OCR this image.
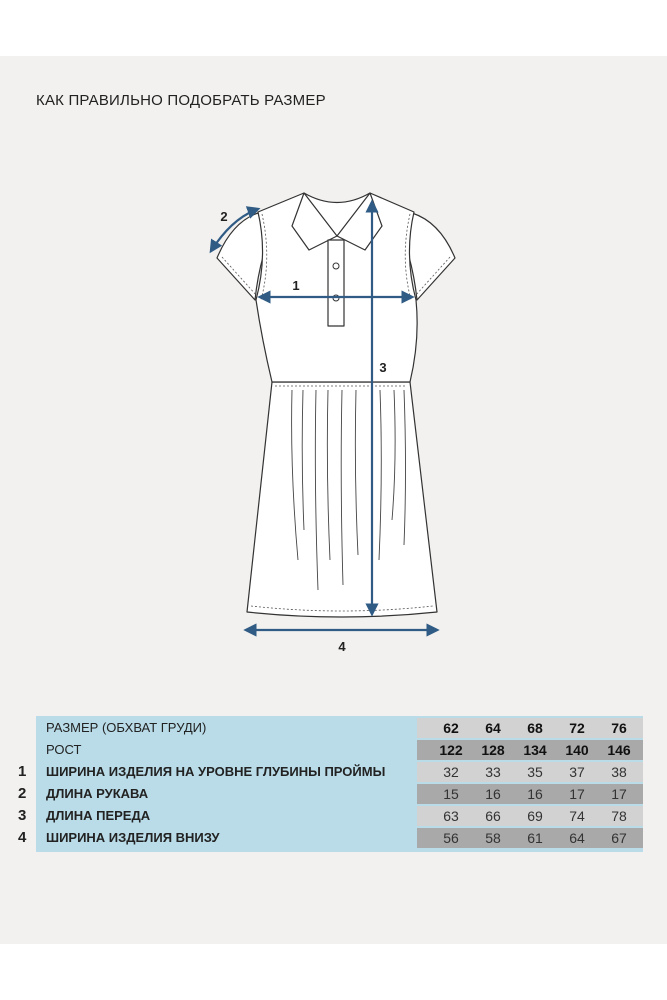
КАК ПРАВИЛЬНО ПОДОБРАТЬ РАЗМЕР
1
2
3
4
РАЗМЕР (ОБХВАТ ГРУДИ)	62	64	68	72	76
РОСТ	122	128	134	140	146
ШИРИНА ИЗДЕЛИЯ НА УРОВНЕ ГЛУБИНЫ ПРОЙМЫ	32	33	35	37	38
ДЛИНА РУКАВА	15	16	16	17	17
ДЛИНА ПЕРЕДА	63	66	69	74	78
ШИРИНА ИЗДЕЛИЯ ВНИЗУ	56	58	61	64	67
1
2
3
4
